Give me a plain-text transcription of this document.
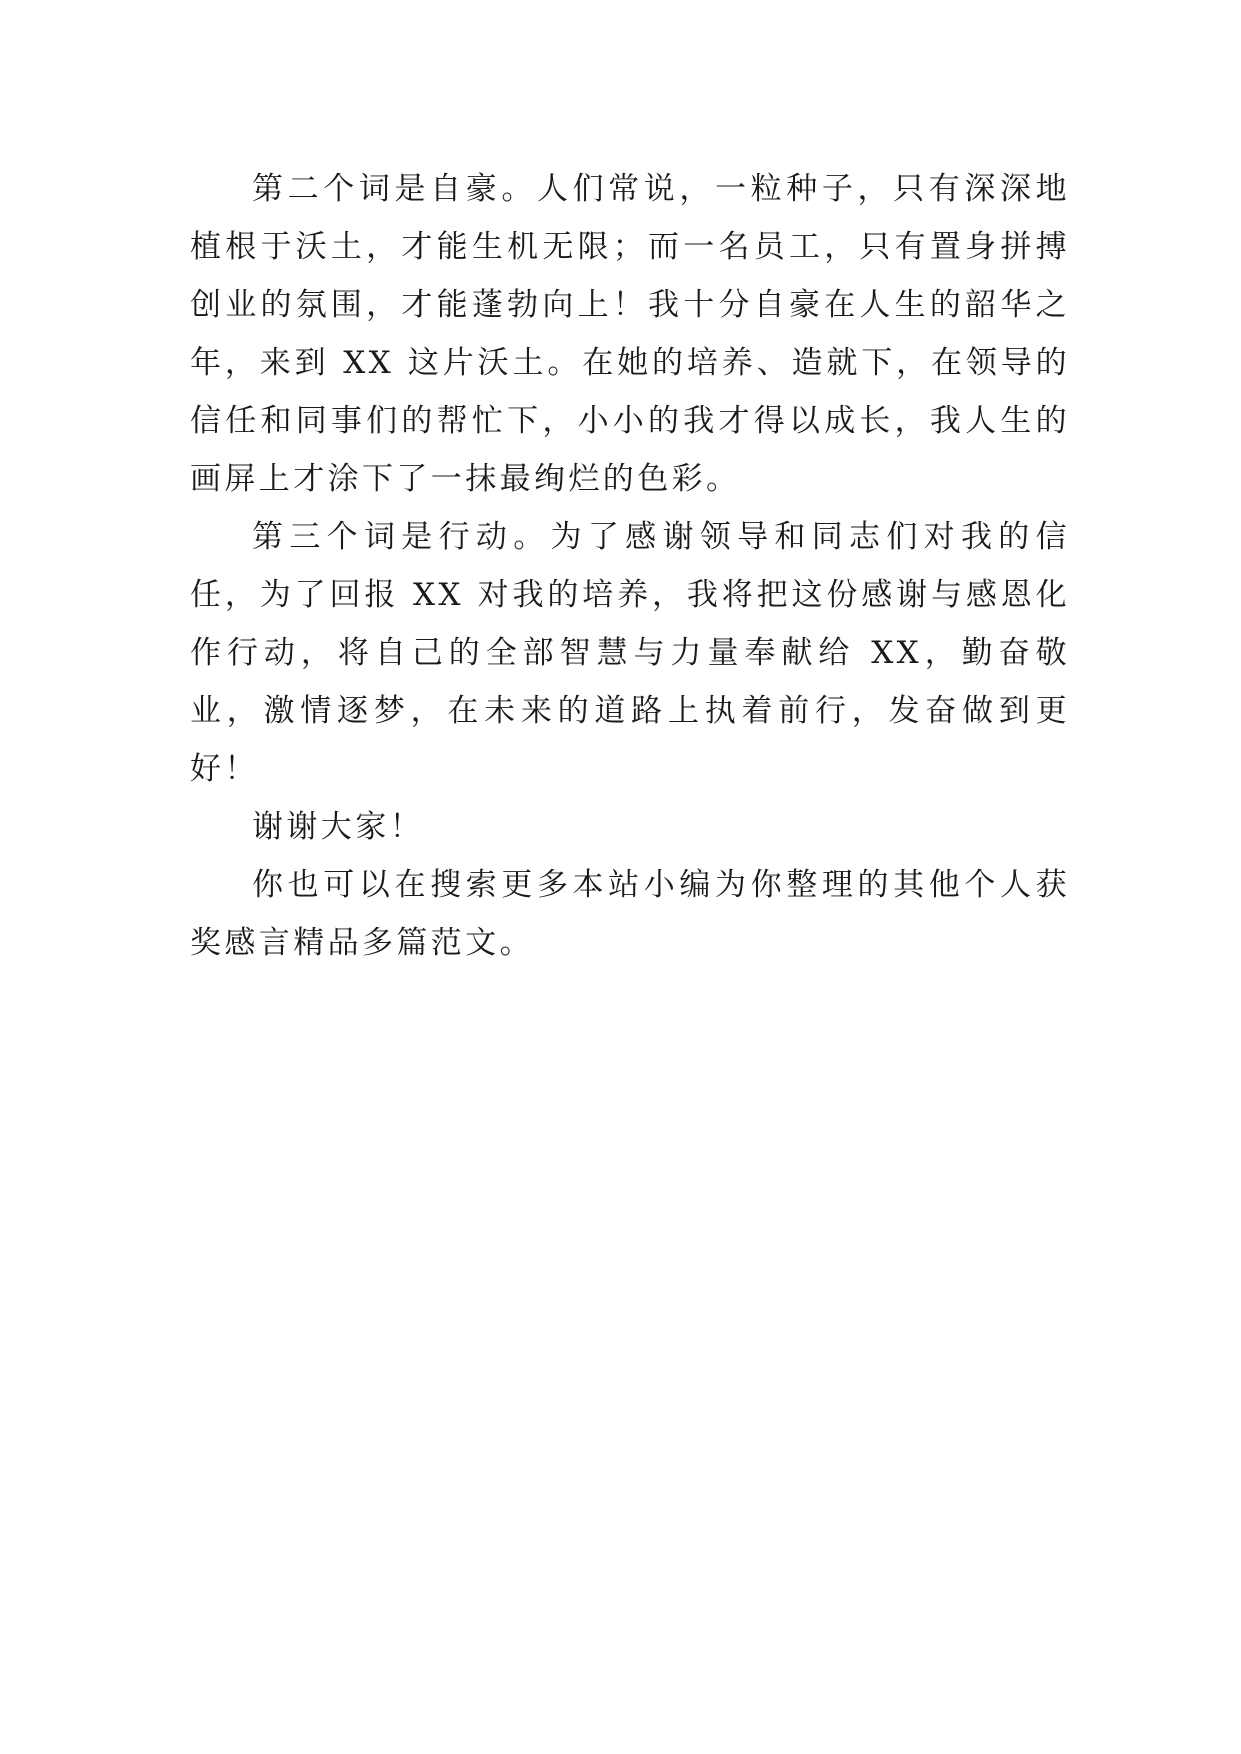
第二个词是自豪。人们常说，一粒种子，只有深深地植根于沃土，才能生机无限；而一名员工，只有置身拼搏创业的氛围，才能蓬勃向上！我十分自豪在人生的韶华之年，来到 XX 这片沃土。在她的培养、造就下，在领导的信任和同事们的帮忙下，小小的我才得以成长，我人生的画屏上才涂下了一抹最绚烂的色彩。

第三个词是行动。为了感谢领导和同志们对我的信任，为了回报 XX 对我的培养，我将把这份感谢与感恩化作行动，将自己的全部智慧与力量奉献给 XX，勤奋敬业，激情逐梦，在未来的道路上执着前行，发奋做到更好！

谢谢大家！

你也可以在搜索更多本站小编为你整理的其他个人获奖感言精品多篇范文。
